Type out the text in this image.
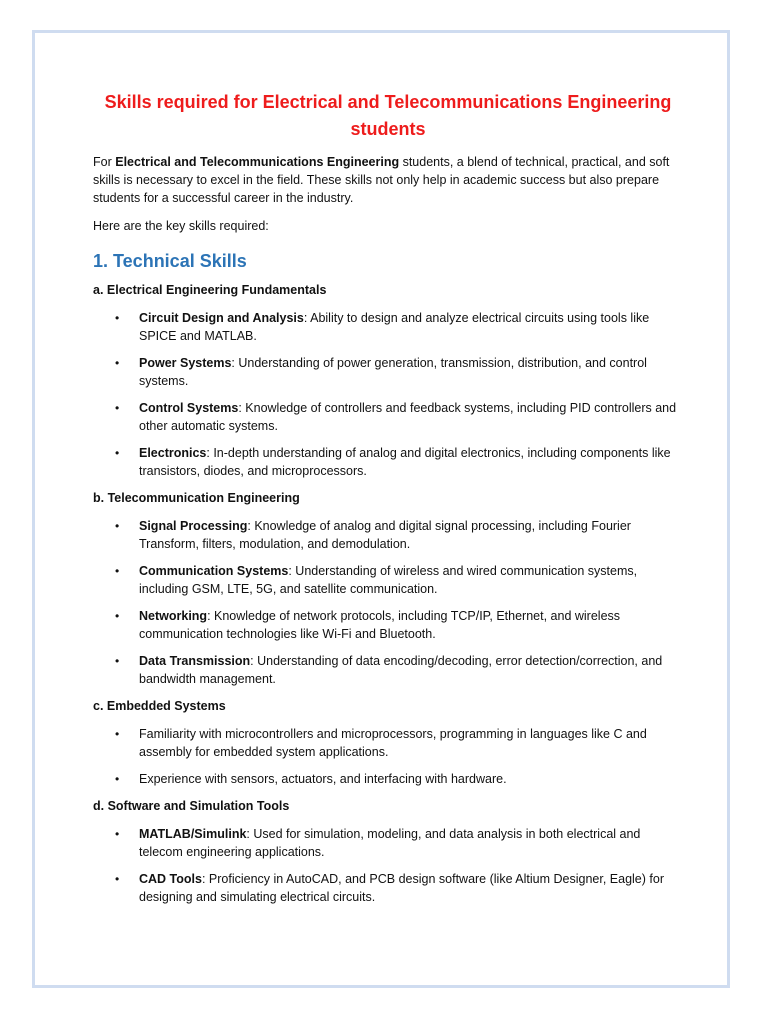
Skills required for Electrical and Telecommunications Engineering students

For Electrical and Telecommunications Engineering students, a blend of technical, practical, and soft skills is necessary to excel in the field. These skills not only help in academic success but also prepare students for a successful career in the industry.

Here are the key skills required:

1. Technical Skills
a. Electrical Engineering Fundamentals
• Circuit Design and Analysis: Ability to design and analyze electrical circuits using tools like SPICE and MATLAB.
• Power Systems: Understanding of power generation, transmission, distribution, and control systems.
• Control Systems: Knowledge of controllers and feedback systems, including PID controllers and other automatic systems.
• Electronics: In-depth understanding of analog and digital electronics, including components like transistors, diodes, and microprocessors.
b. Telecommunication Engineering
• Signal Processing: Knowledge of analog and digital signal processing, including Fourier Transform, filters, modulation, and demodulation.
• Communication Systems: Understanding of wireless and wired communication systems, including GSM, LTE, 5G, and satellite communication.
• Networking: Knowledge of network protocols, including TCP/IP, Ethernet, and wireless communication technologies like Wi-Fi and Bluetooth.
• Data Transmission: Understanding of data encoding/decoding, error detection/correction, and bandwidth management.
c. Embedded Systems
• Familiarity with microcontrollers and microprocessors, programming in languages like C and assembly for embedded system applications.
• Experience with sensors, actuators, and interfacing with hardware.
d. Software and Simulation Tools
• MATLAB/Simulink: Used for simulation, modeling, and data analysis in both electrical and telecom engineering applications.
• CAD Tools: Proficiency in AutoCAD, and PCB design software (like Altium Designer, Eagle) for designing and simulating electrical circuits.
